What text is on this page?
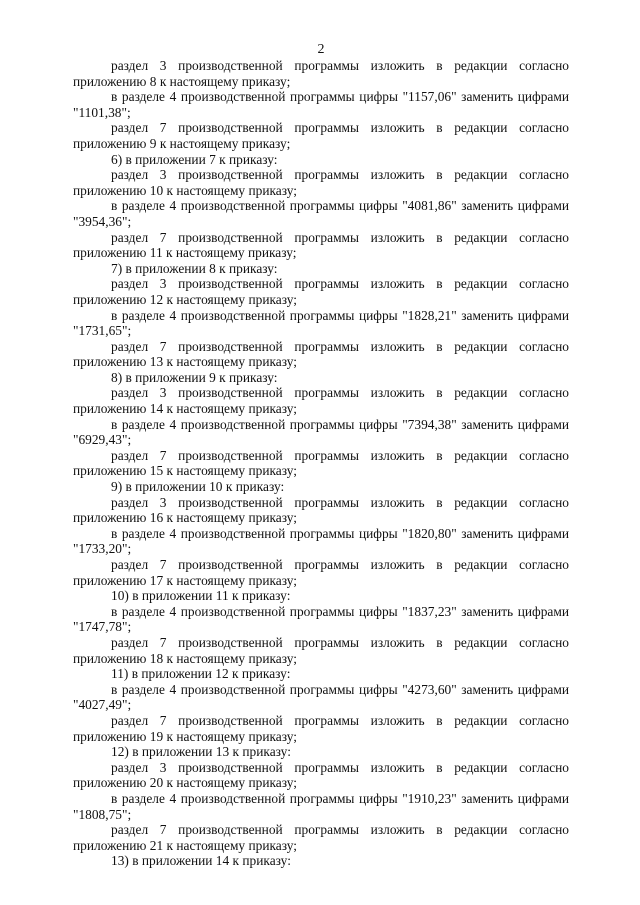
2

раздел 3 производственной программы изложить в редакции согласно приложению 8 к настоящему приказу;

в разделе 4 производственной программы цифры "1157,06" заменить цифрами "1101,38";

раздел 7 производственной программы изложить в редакции согласно приложению 9 к настоящему приказу;

6) в приложении 7 к приказу:

раздел 3 производственной программы изложить в редакции согласно приложению 10 к настоящему приказу;

в разделе 4 производственной программы цифры "4081,86" заменить цифрами "3954,36";

раздел 7 производственной программы изложить в редакции согласно приложению 11 к настоящему приказу;

7) в приложении 8 к приказу:

раздел 3 производственной программы изложить в редакции согласно приложению 12 к настоящему приказу;

в разделе 4 производственной программы цифры "1828,21" заменить цифрами "1731,65";

раздел 7 производственной программы изложить в редакции согласно приложению 13 к настоящему приказу;

8) в приложении 9 к приказу:

раздел 3 производственной программы изложить в редакции согласно приложению 14 к настоящему приказу;

в разделе 4 производственной программы цифры "7394,38" заменить цифрами "6929,43";

раздел 7 производственной программы изложить в редакции согласно приложению 15 к настоящему приказу;

9) в приложении 10 к приказу:

раздел 3 производственной программы изложить в редакции согласно приложению 16 к настоящему приказу;

в разделе 4 производственной программы цифры "1820,80" заменить цифрами "1733,20";

раздел 7 производственной программы изложить в редакции согласно приложению 17 к настоящему приказу;

10) в приложении 11 к приказу:

в разделе 4 производственной программы цифры "1837,23" заменить цифрами "1747,78";

раздел 7 производственной программы изложить в редакции согласно приложению 18 к настоящему приказу;

11) в приложении 12 к приказу:

в разделе 4 производственной программы цифры "4273,60" заменить цифрами "4027,49";

раздел 7 производственной программы изложить в редакции согласно приложению 19 к настоящему приказу;

12) в приложении 13 к приказу:

раздел 3 производственной программы изложить в редакции согласно приложению 20 к настоящему приказу;

в разделе 4 производственной программы цифры "1910,23" заменить цифрами "1808,75";

раздел 7 производственной программы изложить в редакции согласно приложению 21 к настоящему приказу;

13) в приложении 14 к приказу:
